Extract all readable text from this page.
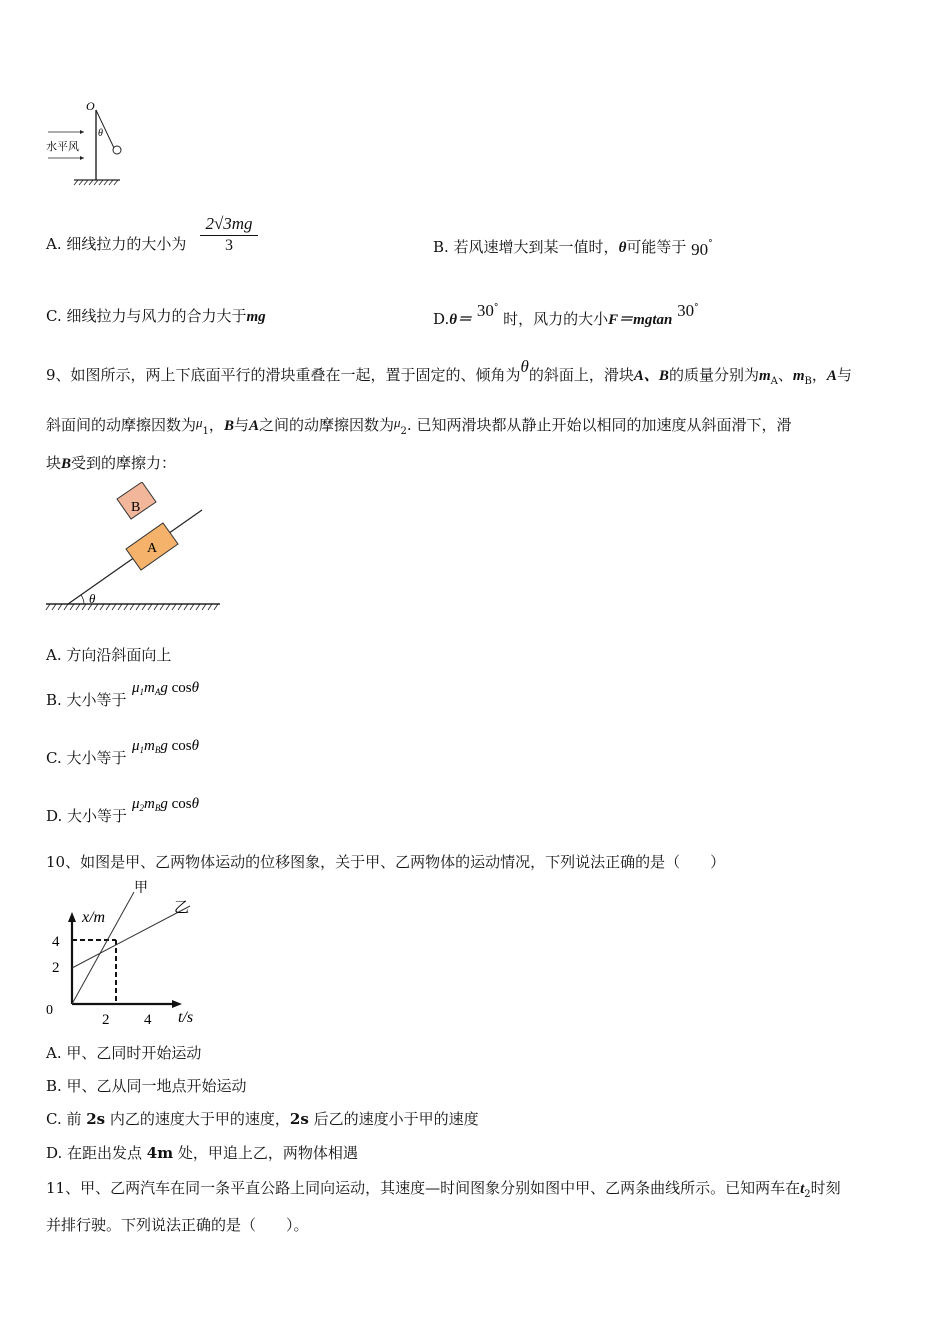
O
θ
水平风
A. 细线拉力的大小为
2√3mg
3	B. 若风速增大到某一值时，θ可能等于 90°
C. 细线拉力与风力的合力大于mg	D.θ＝ 30° 时，风力的大小F＝mgtan 30°
9、如图所示，两上下底面平行的滑块重叠在一起，置于固定的、倾角为θ的斜面上，滑块A、B的质量分别为$m_A$、$m_B$，A与
斜面间的动摩擦因数为$\mu_1$，B与A之间的动摩擦因数为$\mu_2$. 已知两滑块都从静止开始以相同的加速度从斜面滑下，滑
块B受到的摩擦力：
θ
A
B
A. 方向沿斜面向上
B. 大小等于
C. 大小等于
D. 大小等于
$\mu_1m_Ag$ cosθ
$\mu_1m_Bg$ cosθ
$\mu_2m_Bg$ cosθ
10、如图是甲、乙两物体运动的位移图象，关于甲、乙两物体的运动情况，下列说法正确的是（　　）
甲
乙
x/m
t/s
4
2
0
2 4
A. 甲、乙同时开始运动
B. 甲、乙从同一地点开始运动
C. 前 2s 内乙的速度大于甲的速度，2s 后乙的速度小于甲的速度
D. 在距出发点 4m 处，甲追上乙，两物体相遇
11、甲、乙两汽车在同一条平直公路上同向运动，其速度—时间图象分别如图中甲、乙两条曲线所示。已知两车在$t_2$时刻
并排行驶。下列说法正确的是（　　）。
